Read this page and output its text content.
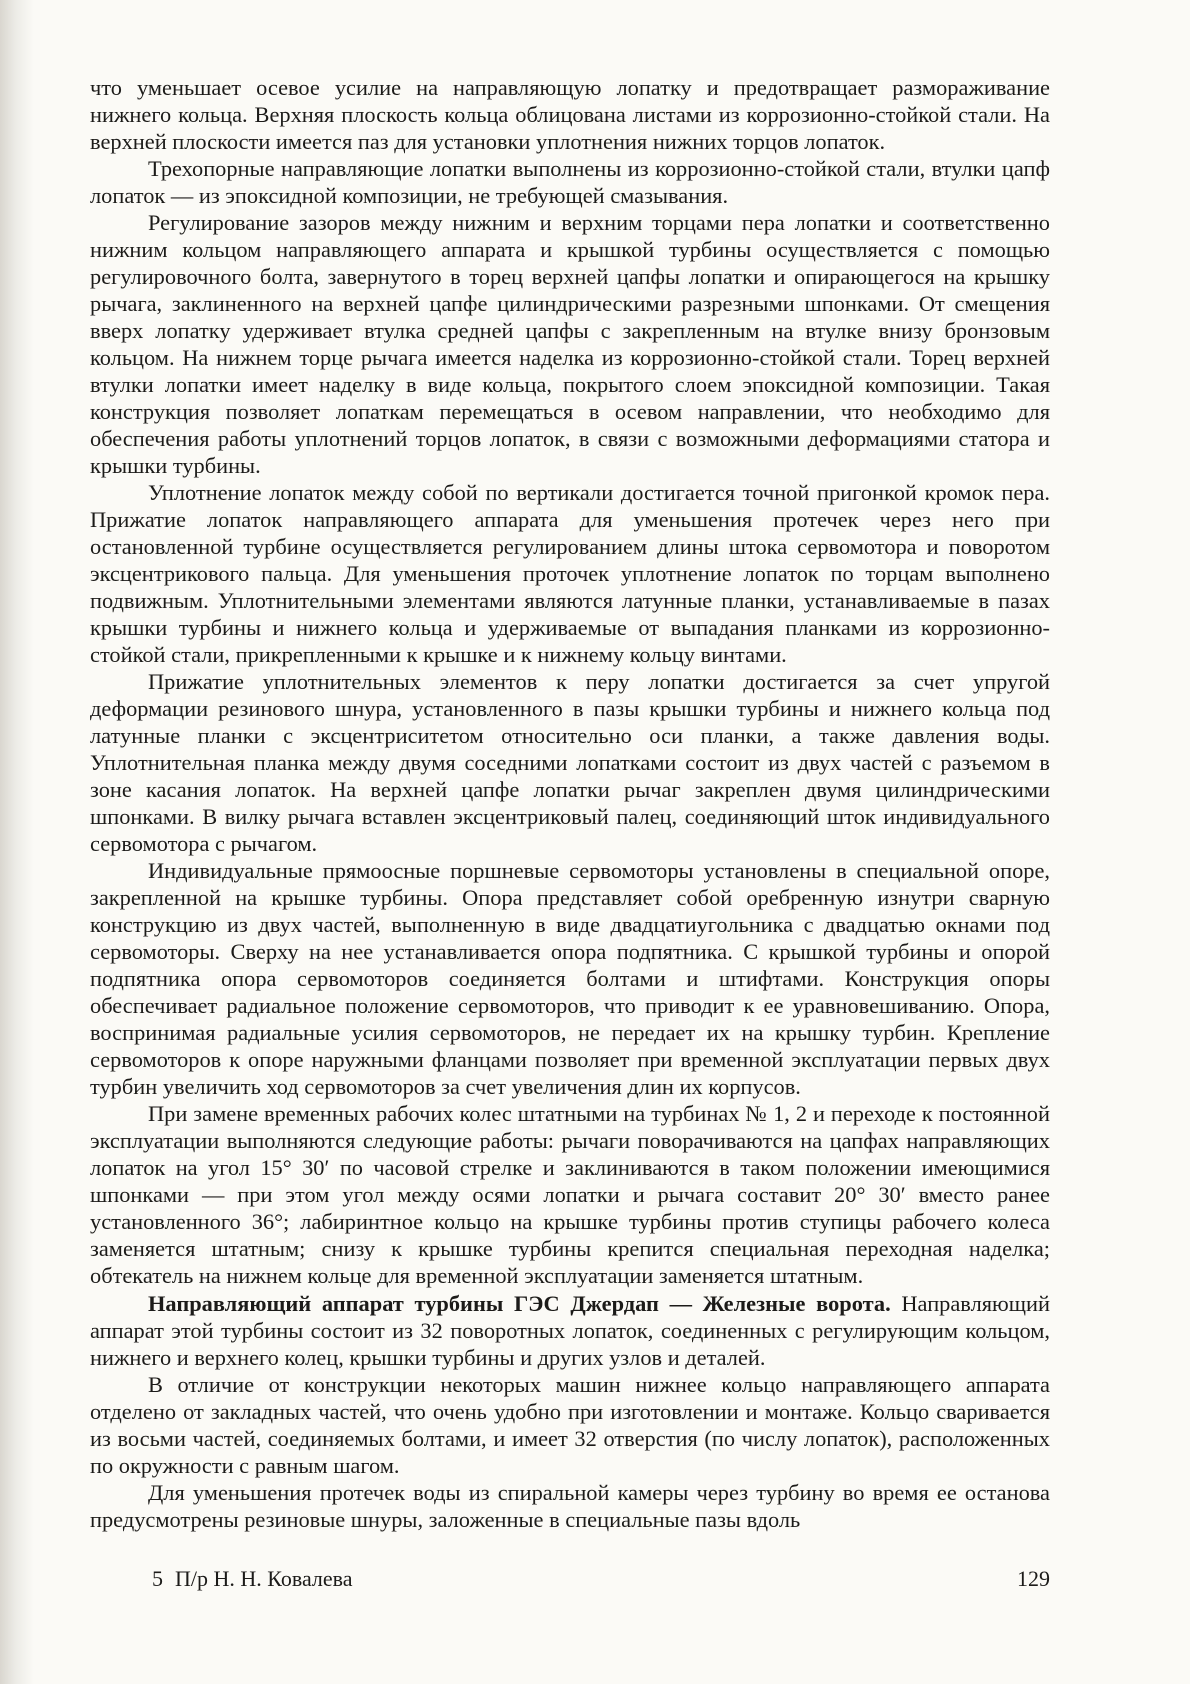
что уменьшает осевое усилие на направляющую лопатку и предотвращает размораживание нижнего кольца. Верхняя плоскость кольца облицована листами из коррозионно-стойкой стали. На верхней плоскости имеется паз для установки уплотнения нижних торцов лопаток.

Трехопорные направляющие лопатки выполнены из коррозионно-стойкой стали, втулки цапф лопаток — из эпоксидной композиции, не требующей смазывания.

Регулирование зазоров между нижним и верхним торцами пера лопатки и соответственно нижним кольцом направляющего аппарата и крышкой турбины осуществляется с помощью регулировочного болта, завернутого в торец верхней цапфы лопатки и опирающегося на крышку рычага, заклиненного на верхней цапфе цилиндрическими разрезными шпонками. От смещения вверх лопатку удерживает втулка средней цапфы с закрепленным на втулке внизу бронзовым кольцом. На нижнем торце рычага имеется наделка из коррозионно-стойкой стали. Торец верхней втулки лопатки имеет наделку в виде кольца, покрытого слоем эпоксидной композиции. Такая конструкция позволяет лопаткам перемещаться в осевом направлении, что необходимо для обеспечения работы уплотнений торцов лопаток, в связи с возможными деформациями статора и крышки турбины.

Уплотнение лопаток между собой по вертикали достигается точной пригонкой кромок пера. Прижатие лопаток направляющего аппарата для уменьшения протечек через него при остановленной турбине осуществляется регулированием длины штока сервомотора и поворотом эксцентрикового пальца. Для уменьшения проточек уплотнение лопаток по торцам выполнено подвижным. Уплотнительными элементами являются латунные планки, устанавливаемые в пазах крышки турбины и нижнего кольца и удерживаемые от выпадания планками из коррозионно-стойкой стали, прикрепленными к крышке и к нижнему кольцу винтами.

Прижатие уплотнительных элементов к перу лопатки достигается за счет упругой деформации резинового шнура, установленного в пазы крышки турбины и нижнего кольца под латунные планки с эксцентриситетом относительно оси планки, а также давления воды. Уплотнительная планка между двумя соседними лопатками состоит из двух частей с разъемом в зоне касания лопаток. На верхней цапфе лопатки рычаг закреплен двумя цилиндрическими шпонками. В вилку рычага вставлен эксцентриковый палец, соединяющий шток индивидуального сервомотора с рычагом.

Индивидуальные прямоосные поршневые сервомоторы установлены в специальной опоре, закрепленной на крышке турбины. Опора представляет собой оребренную изнутри сварную конструкцию из двух частей, выполненную в виде двадцатиугольника с двадцатью окнами под сервомоторы. Сверху на нее устанавливается опора подпятника. С крышкой турбины и опорой подпятника опора сервомоторов соединяется болтами и штифтами. Конструкция опоры обеспечивает радиальное положение сервомоторов, что приводит к ее уравновешиванию. Опора, воспринимая радиальные усилия сервомоторов, не передает их на крышку турбин. Крепление сервомоторов к опоре наружными фланцами позволяет при временной эксплуатации первых двух турбин увеличить ход сервомоторов за счет увеличения длин их корпусов.

При замене временных рабочих колес штатными на турбинах № 1, 2 и переходе к постоянной эксплуатации выполняются следующие работы: рычаги поворачиваются на цапфах направляющих лопаток на угол 15° 30′ по часовой стрелке и заклиниваются в таком положении имеющимися шпонками — при этом угол между осями лопатки и рычага составит 20° 30′ вместо ранее установленного 36°; лабиринтное кольцо на крышке турбины против ступицы рабочего колеса заменяется штатным; снизу к крышке турбины крепится специальная переходная наделка; обтекатель на нижнем кольце для временной эксплуатации заменяется штатным.

Направляющий аппарат турбины ГЭС Джердап — Железные ворота. Направляющий аппарат этой турбины состоит из 32 поворотных лопаток, соединенных с регулирующим кольцом, нижнего и верхнего колец, крышки турбины и других узлов и деталей.

В отличие от конструкции некоторых машин нижнее кольцо направляющего аппарата отделено от закладных частей, что очень удобно при изготовлении и монтаже. Кольцо сваривается из восьми частей, соединяемых болтами, и имеет 32 отверстия (по числу лопаток), расположенных по окружности с равным шагом.

Для уменьшения протечек воды из спиральной камеры через турбину во время ее останова предусмотрены резиновые шнуры, заложенные в специальные пазы вдоль

5 П/р Н. Н. Ковалева	129
